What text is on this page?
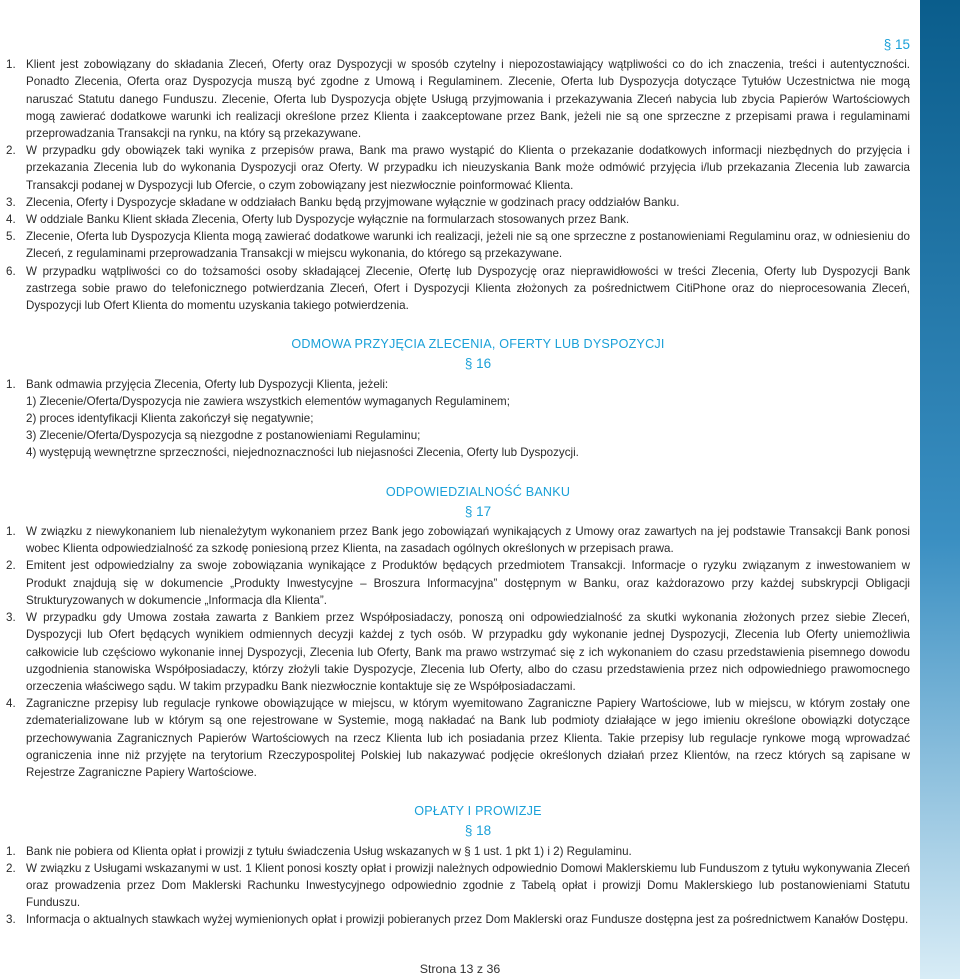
§ 15
1. Klient jest zobowiązany do składania Zleceń, Oferty oraz Dyspozycji w sposób czytelny i niepozostawiający wątpliwości co do ich znaczenia, treści i autentyczności. Ponadto Zlecenia, Oferta oraz Dyspozycja muszą być zgodne z Umową i Regulaminem. Zlecenie, Oferta lub Dyspozycja dotyczące Tytułów Uczestnictwa nie mogą naruszać Statutu danego Funduszu. Zlecenie, Oferta lub Dyspozycja objęte Usługą przyjmowania i przekazywania Zleceń nabycia lub zbycia Papierów Wartościowych mogą zawierać dodatkowe warunki ich realizacji określone przez Klienta i zaakceptowane przez Bank, jeżeli nie są one sprzeczne z przepisami prawa i regulaminami przeprowadzania Transakcji na rynku, na który są przekazywane.
2. W przypadku gdy obowiązek taki wynika z przepisów prawa, Bank ma prawo wystąpić do Klienta o przekazanie dodatkowych informacji niezbędnych do przyjęcia i przekazania Zlecenia lub do wykonania Dyspozycji oraz Oferty. W przypadku ich nieuzyskania Bank może odmówić przyjęcia i/lub przekazania Zlecenia lub zawarcia Transakcji podanej w Dyspozycji lub Ofercie, o czym zobowiązany jest niezwłocznie poinformować Klienta.
3. Zlecenia, Oferty i Dyspozycje składane w oddziałach Banku będą przyjmowane wyłącznie w godzinach pracy oddziałów Banku.
4. W oddziale Banku Klient składa Zlecenia, Oferty lub Dyspozycje wyłącznie na formularzach stosowanych przez Bank.
5. Zlecenie, Oferta lub Dyspozycja Klienta mogą zawierać dodatkowe warunki ich realizacji, jeżeli nie są one sprzeczne z postanowieniami Regulaminu oraz, w odniesieniu do Zleceń, z regulaminami przeprowadzania Transakcji w miejscu wykonania, do którego są przekazywane.
6. W przypadku wątpliwości co do tożsamości osoby składającej Zlecenie, Ofertę lub Dyspozycję oraz nieprawidłowości w treści Zlecenia, Oferty lub Dyspozycji Bank zastrzega sobie prawo do telefonicznego potwierdzania Zleceń, Ofert i Dyspozycji Klienta złożonych za pośrednictwem CitiPhone oraz do nieprocesowania Zleceń, Dyspozycji lub Ofert Klienta do momentu uzyskania takiego potwierdzenia.
ODMOWA PRZYJĘCIA ZLECENIA, OFERTY LUB DYSPOZYCJI
§ 16
1. Bank odmawia przyjęcia Zlecenia, Oferty lub Dyspozycji Klienta, jeżeli:
1) Zlecenie/Oferta/Dyspozycja nie zawiera wszystkich elementów wymaganych Regulaminem;
2) proces identyfikacji Klienta zakończył się negatywnie;
3) Zlecenie/Oferta/Dyspozycja są niezgodne z postanowieniami Regulaminu;
4) występują wewnętrzne sprzeczności, niejednoznaczności lub niejasności Zlecenia, Oferty lub Dyspozycji.
ODPOWIEDZIALNOŚĆ BANKU
§ 17
1. W związku z niewykonaniem lub nienależytym wykonaniem przez Bank jego zobowiązań wynikających z Umowy oraz zawartych na jej podstawie Transakcji Bank ponosi wobec Klienta odpowiedzialność za szkodę poniesioną przez Klienta, na zasadach ogólnych określonych w przepisach prawa.
2. Emitent jest odpowiedzialny za swoje zobowiązania wynikające z Produktów będących przedmiotem Transakcji. Informacje o ryzyku związanym z inwestowaniem w Produkt znajdują się w dokumencie „Produkty Inwestycyjne – Broszura Informacyjna” dostępnym w Banku, oraz każdorazowo przy każdej subskrypcji Obligacji Strukturyzowanych w dokumencie „Informacja dla Klienta”.
3. W przypadku gdy Umowa została zawarta z Bankiem przez Współposiadaczy, ponoszą oni odpowiedzialność za skutki wykonania złożonych przez siebie Zleceń, Dyspozycji lub Ofert będących wynikiem odmiennych decyzji każdej z tych osób. W przypadku gdy wykonanie jednej Dyspozycji, Zlecenia lub Oferty uniemożliwia całkowicie lub częściowo wykonanie innej Dyspozycji, Zlecenia lub Oferty, Bank ma prawo wstrzymać się z ich wykonaniem do czasu przedstawienia pisemnego dowodu uzgodnienia stanowiska Współposiadaczy, którzy złożyli takie Dyspozycje, Zlecenia lub Oferty, albo do czasu przedstawienia przez nich odpowiedniego prawomocnego orzeczenia właściwego sądu. W takim przypadku Bank niezwłocznie kontaktuje się ze Współposiadaczami.
4. Zagraniczne przepisy lub regulacje rynkowe obowiązujące w miejscu, w którym wyemitowano Zagraniczne Papiery Wartościowe, lub w miejscu, w którym zostały one zdematerializowane lub w którym są one rejestrowane w Systemie, mogą nakładać na Bank lub podmioty działające w jego imieniu określone obowiązki dotyczące przechowywania Zagranicznych Papierów Wartościowych na rzecz Klienta lub ich posiadania przez Klienta. Takie przepisy lub regulacje rynkowe mogą wprowadzać ograniczenia inne niż przyjęte na terytorium Rzeczypospolitej Polskiej lub nakazywać podjęcie określonych działań przez Klientów, na rzecz których są zapisane w Rejestrze Zagraniczne Papiery Wartościowe.
OPŁATY I PROWIZJE
§ 18
1. Bank nie pobiera od Klienta opłat i prowizji z tytułu świadczenia Usług wskazanych w § 1 ust. 1 pkt 1) i 2) Regulaminu.
2. W związku z Usługami wskazanymi w ust. 1 Klient ponosi koszty opłat i prowizji należnych odpowiednio Domowi Maklerskiemu lub Funduszom z tytułu wykonywania Zleceń oraz prowadzenia przez Dom Maklerski Rachunku Inwestycyjnego odpowiednio zgodnie z Tabelą opłat i prowizji Domu Maklerskiego lub postanowieniami Statutu Funduszu.
3. Informacja o aktualnych stawkach wyżej wymienionych opłat i prowizji pobieranych przez Dom Maklerski oraz Fundusze dostępna jest za pośrednictwem Kanałów Dostępu.
Strona 13 z 36
